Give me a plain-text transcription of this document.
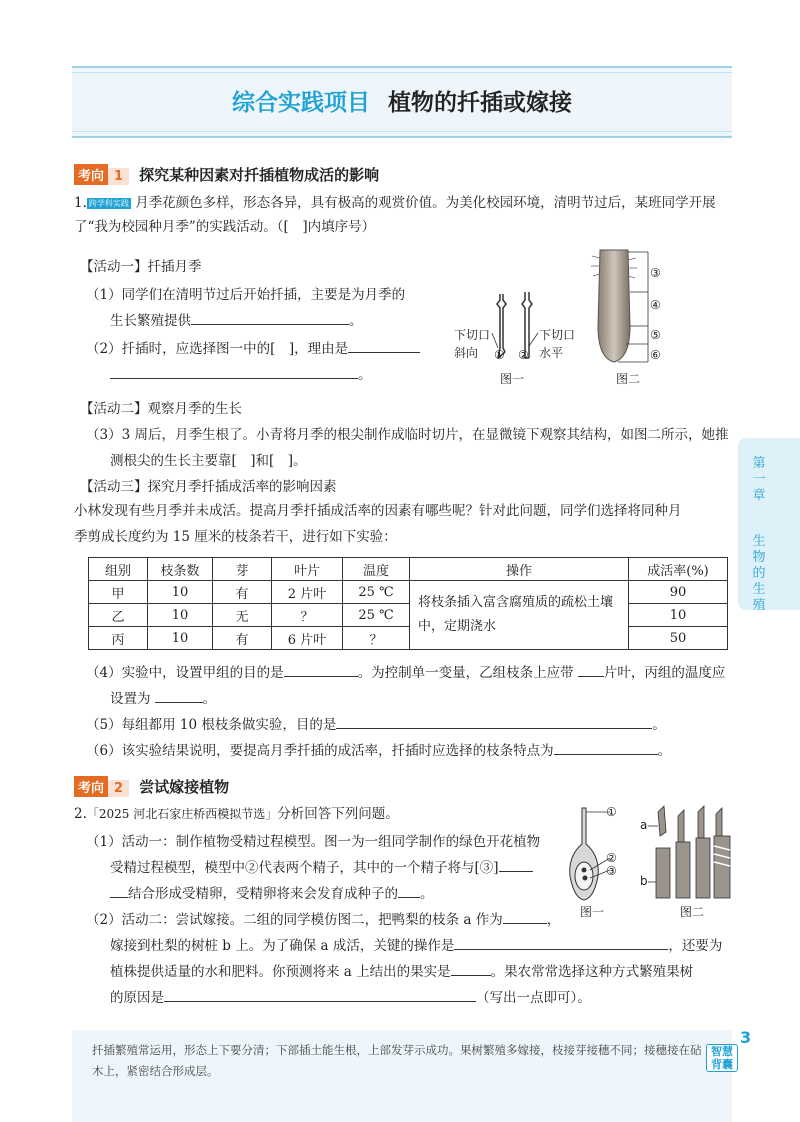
综合实践项目 植物的扦插或嫁接
考向 1 探究某种因素对扦插植物成活的影响
1. 跨学科实践 月季花颜色多样，形态各异，具有极高的观赏价值。为美化校园环境，清明节过后，某班同学开展
了“我为校园种月季”的实践活动。（[　]内填序号）
【活动一】扦插月季
（1）同学们在清明节过后开始扦插，主要是为月季的
生长繁殖提供	。
（2）扦插时，应选择图一中的[　]，理由是
。
下切口
斜向
下切口
水平
① ②
图一
③
④
⑤
⑥
图二
【活动二】观察月季的生长
（3）3 周后，月季生根了。小青将月季的根尖制作成临时切片，在显微镜下观察其结构，如图二所示，她推
测根尖的生长主要靠[　]和[　]。
【活动三】探究月季扦插成活率的影响因素
小林发现有些月季并未成活。提高月季扦插成活率的因素有哪些呢？针对此问题，同学们选择将同种月
季剪成长度约为 15 厘米的枝条若干，进行如下实验：
组别	枝条数	芽	叶片	温度	操作	成活率(%)
甲	10	有	2 片叶	25 ℃	将枝条插入富含腐殖质的疏松土壤中，定期浇水	90
乙	10	无	？	25 ℃		10
丙	10	有	6 片叶	？		50
（4）实验中，设置甲组的目的是	。为控制单一变量，乙组枝条上应带 片叶，丙组的温度应
设置为	。
（5）每组都用 10 根枝条做实验，目的是	。
（6）该实验结果说明，要提高月季扦插的成活率，扦插时应选择的枝条特点为	。
考向 2 尝试嫁接植物
2.「2025 河北石家庄桥西模拟节选」分析回答下列问题。
（1）活动一：制作植物受精过程模型。图一为一组同学制作的绿色开花植物
受精过程模型，模型中②代表两个精子，其中的一个精子将与[③]
结合形成受精卵，受精卵将来会发育成种子的 。
（2）活动二：尝试嫁接。二组的同学模仿图二，把鸭梨的枝条 a 作为	，
嫁接到杜梨的树桩 b 上。为了确保 a 成活，关键的操作是	，还要为
植株提供适量的水和肥料。你预测将来 a 上结出的果实是	。果农常常选择这种方式繁殖果树
的原因是	（写出一点即可）。
①
②
③
图一
a
b
图二
第一章
生物的生殖
扦插繁殖常运用，形态上下要分清；下部插土能生根，上部发芽示成功。果树繁殖多嫁接，枝接芽接穗不同；接穗接在砧木上，紧密结合形成层。
智慧背囊
3
